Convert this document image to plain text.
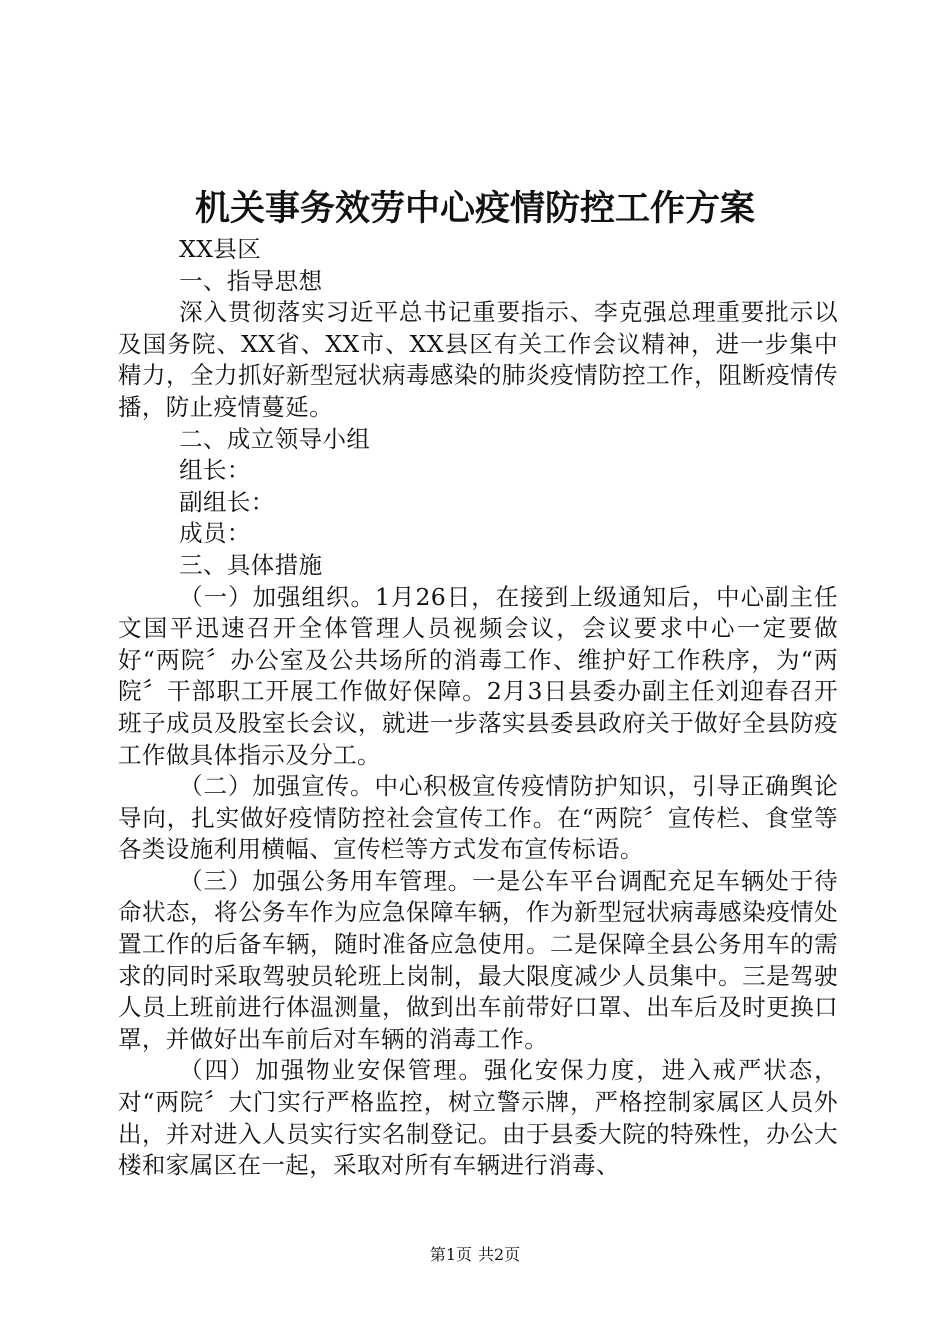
机关事务效劳中心疫情防控工作方案

XX县区

一、指导思想

深入贯彻落实习近平总书记重要指示、李克强总理重要批示以及国务院、XX省、XX市、XX县区有关工作会议精神，进一步集中精力，全力抓好新型冠状病毒感染的肺炎疫情防控工作，阻断疫情传播，防止疫情蔓延。

二、成立领导小组

组长：

副组长：

成员：

三、具体措施

（一）加强组织。1月26日，在接到上级通知后，中心副主任文国平迅速召开全体管理人员视频会议，会议要求中心一定要做好“两院〞办公室及公共场所的消毒工作、维护好工作秩序，为“两院〞干部职工开展工作做好保障。2月3日县委办副主任刘迎春召开班子成员及股室长会议，就进一步落实县委县政府关于做好全县防疫工作做具体指示及分工。

（二）加强宣传。中心积极宣传疫情防护知识，引导正确舆论导向，扎实做好疫情防控社会宣传工作。在“两院〞宣传栏、食堂等各类设施利用横幅、宣传栏等方式发布宣传标语。

（三）加强公务用车管理。一是公车平台调配充足车辆处于待命状态，将公务车作为应急保障车辆，作为新型冠状病毒感染疫情处置工作的后备车辆，随时准备应急使用。二是保障全县公务用车的需求的同时采取驾驶员轮班上岗制，最大限度减少人员集中。三是驾驶人员上班前进行体温测量，做到出车前带好口罩、出车后及时更换口罩，并做好出车前后对车辆的消毒工作。

（四）加强物业安保管理。强化安保力度，进入戒严状态，对“两院〞大门实行严格监控，树立警示牌，严格控制家属区人员外出，并对进入人员实行实名制登记。由于县委大院的特殊性，办公大楼和家属区在一起，采取对所有车辆进行消毒、

第1页 共2页
